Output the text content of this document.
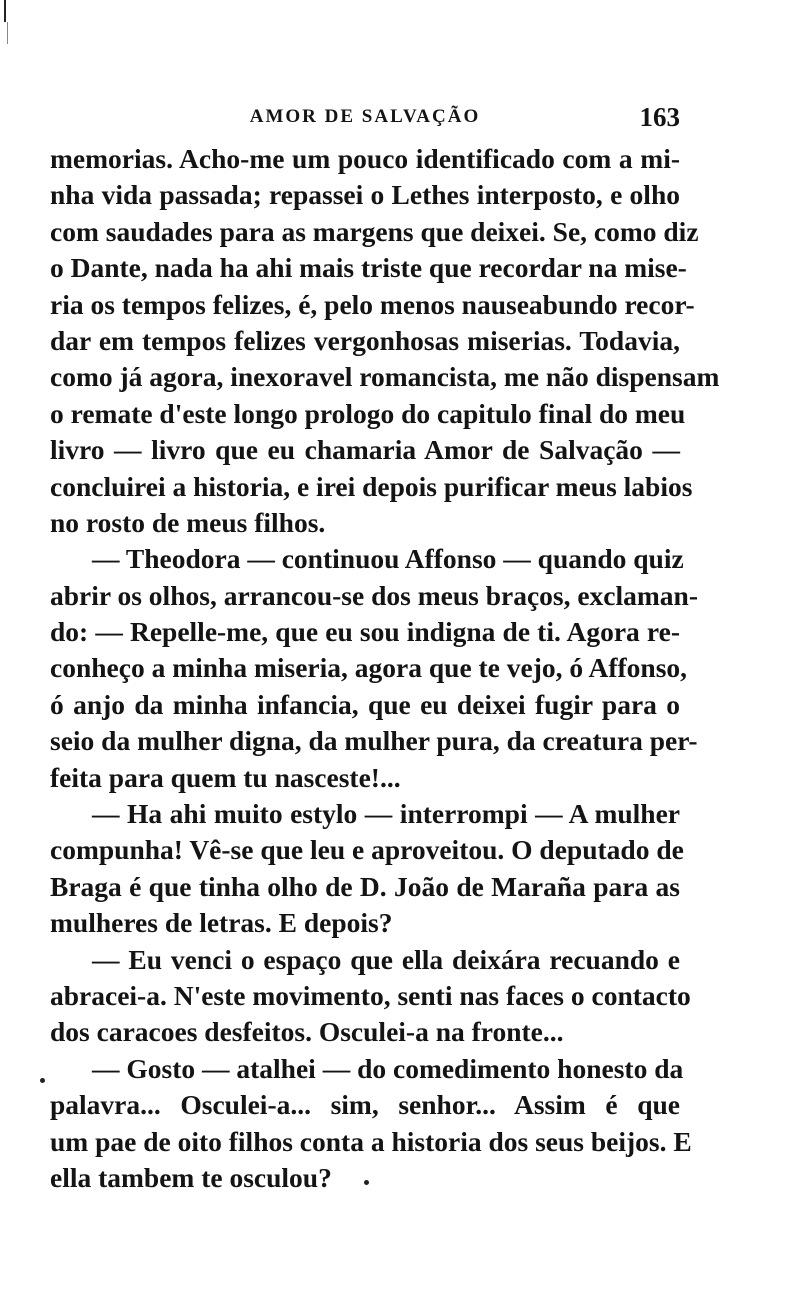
AMOR DE SALVAÇÃO	163
memorias. Acho-me um pouco identificado com a mi-
nha vida passada; repassei o Lethes interposto, e olho
com saudades para as margens que deixei. Se, como diz
o Dante, nada ha ahi mais triste que recordar na mise-
ria os tempos felizes, é, pelo menos nauseabundo recor-
dar em tempos felizes vergonhosas miserias. Todavia,
como já agora, inexoravel romancista, me não dispensam
o remate d'este longo prologo do capitulo final do meu
livro — livro que eu chamaria Amor de Salvação —
concluirei a historia, e irei depois purificar meus labios
no rosto de meus filhos.
— Theodora — continuou Affonso — quando quiz
abrir os olhos, arrancou-se dos meus braços, exclaman-
do: — Repelle-me, que eu sou indigna de ti. Agora re-
conheço a minha miseria, agora que te vejo, ó Affonso,
ó anjo da minha infancia, que eu deixei fugir para o
seio da mulher digna, da mulher pura, da creatura per-
feita para quem tu nasceste!...
— Ha ahi muito estylo — interrompi — A mulher
compunha! Vê-se que leu e aproveitou. O deputado de
Braga é que tinha olho de D. João de Maraña para as
mulheres de letras. E depois?
— Eu venci o espaço que ella deixára recuando e
abracei-a. N'este movimento, senti nas faces o contacto
dos caracoes desfeitos. Osculei-a na fronte...
— Gosto — atalhei — do comedimento honesto da
palavra... Osculei-a... sim, senhor... Assim é que
um pae de oito filhos conta a historia dos seus beijos. E
ella tambem te osculou?
